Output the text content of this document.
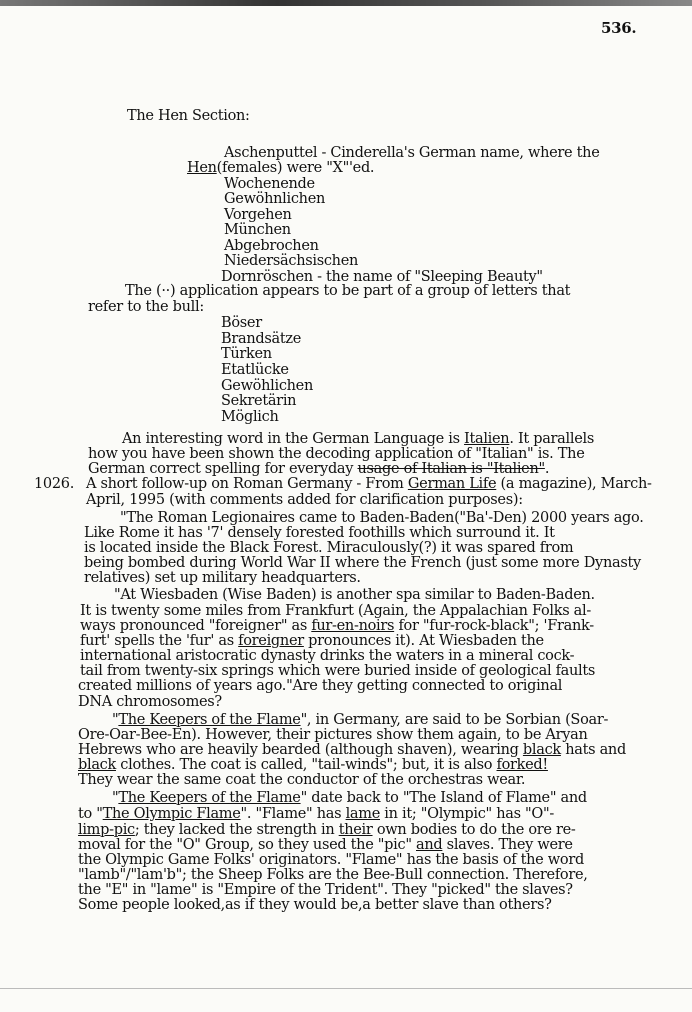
536.
The Hen Section:
Aschenputtel - Cinderella's German name, where the
Hen(females) were "X"'ed.
Wochenende
Gewöhnlichen
Vorgehen
München
Abgebrochen
Niedersächsischen
Dornröschen - the name of "Sleeping Beauty"
The (··) application appears to be part of a group of letters that
refer to the bull:
Böser
Brandsätze
Türken
Etatlücke
Gewöhlichen
Sekretärin
Möglich
An interesting word in the German Language is Italien. It parallels
how you have been shown the decoding application of "Italian" is. The
German correct spelling for everyday usage of Italian is "Italien".
1026. A short follow-up on Roman Germany - From German Life (a magazine), March-
April, 1995 (with comments added for clarification purposes):
"The Roman Legionaires came to Baden-Baden("Ba'-Den) 2000 years ago.
Like Rome it has '7' densely forested foothills which surround it. It
is located inside the Black Forest. Miraculously(?) it was spared from
being bombed during World War II where the French (just some more Dynasty
relatives) set up military headquarters.
"At Wiesbaden (Wise Baden) is another spa similar to Baden-Baden.
It is twenty some miles from Frankfurt (Again, the Appalachian Folks al-
ways pronounced "foreigner" as fur-en-noirs for "fur-rock-black"; 'Frank-
furt' spells the 'fur' as foreigner pronounces it). At Wiesbaden the
international aristocratic dynasty drinks the waters in a mineral cock-
tail from twenty-six springs which were buried inside of geological faults
created millions of years ago."Are they getting connected to original
DNA chromosomes?
"The Keepers of the Flame", in Germany, are said to be Sorbian (Soar-
Ore-Oar-Bee-En). However, their pictures show them again, to be Aryan
Hebrews who are heavily bearded (although shaven), wearing black hats and
black clothes. The coat is called, "tail-winds"; but, it is also forked!
They wear the same coat the conductor of the orchestras wear.
"The Keepers of the Flame" date back to "The Island of Flame" and
to "The Olympic Flame". "Flame" has lame in it; "Olympic" has "O"-
limp-pic; they lacked the strength in their own bodies to do the ore re-
moval for the "O" Group, so they used the "pic" and slaves. They were
the Olympic Game Folks' originators. "Flame" has the basis of the word
"lamb"/"lam'b"; the Sheep Folks are the Bee-Bull connection. Therefore,
the "E" in "lame" is "Empire of the Trident". They "picked" the slaves?
Some people looked,as if they would be,a better slave than others?
